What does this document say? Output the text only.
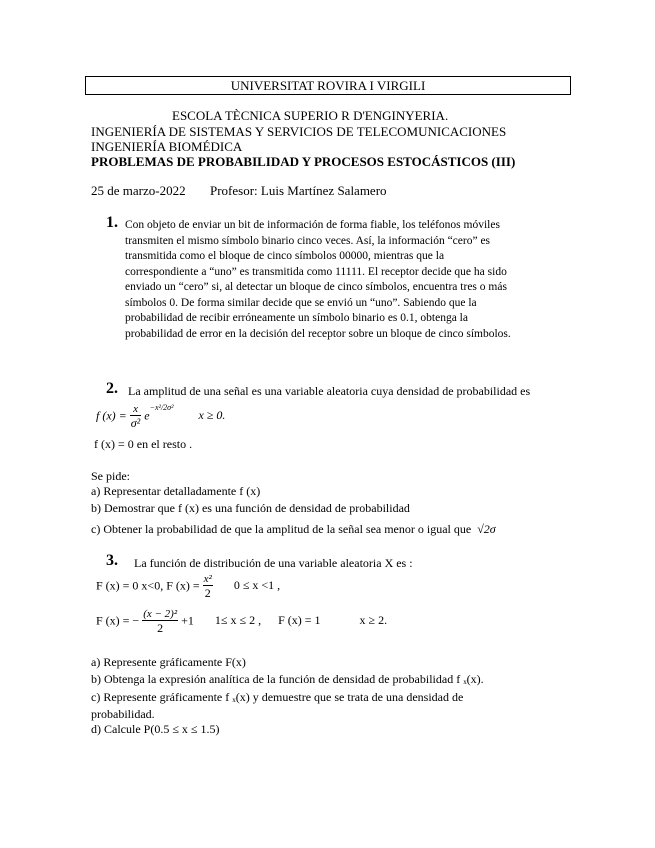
UNIVERSITAT ROVIRA I VIRGILI
ESCOLA TÈCNICA SUPERIO R D'ENGINYERIA.
INGENIERÍA DE SISTEMAS Y SERVICIOS DE TELECOMUNICACIONES
INGENIERÍA BIOMÉDICA
PROBLEMAS DE PROBABILIDAD Y PROCESOS ESTOCÁSTICOS (III)
25 de marzo-2022 Profesor: Luis Martínez Salamero
1. Con objeto de enviar un bit de información de forma fiable, los teléfonos móviles
transmiten el mismo símbolo binario cinco veces. Así, la información “cero” es
transmitida como el bloque de cinco símbolos 00000, mientras que la
correspondiente a “uno” es transmitida como 11111. El receptor decide que ha sido
enviado un “cero” si, al detectar un bloque de cinco símbolos, encuentra tres o más
símbolos 0. De forma similar decide que se envió un “uno”. Sabiendo que la
probabilidad de recibir erróneamente un símbolo binario es 0.1, obtenga la
probabilidad de error en la decisión del receptor sobre un bloque de cinco símbolos.
2. La amplitud de una señal es una variable aleatoria cuya densidad de probabilidad es
f $(x) = \frac{x}{\text{σ²}} e^{-x^2/2\sigma^2}$ x ≥ 0.
f (x) = 0 en el resto .
Se pide:
a) Representar detalladamente f (x)
b) Demostrar que f (x) es una función de densidad de probabilidad
c) Obtener la probabilidad de que la amplitud de la señal sea menor o igual que √2σ
3. La función de distribución de una variable aleatoria X es :
F (x) = 0 x<0, F $(x) = \frac{\text{x²}}{2} 0 \le x <1$ ,
F (x) = − $\frac{\text{(x − 2)²}}{2} +1$ 1≤ x ≤ 2 , F (x) = 1	x ≥ 2.
a) Represente gráficamente F(x)
b) Obtenga la expresión analítica de la función de densidad de probabilidad f ₓ(x).
c) Represente gráficamente f ₓ(x) y demuestre que se trata de una densidad de
probabilidad.
d) Calcule P(0.5 ≤ x ≤ 1.5)
